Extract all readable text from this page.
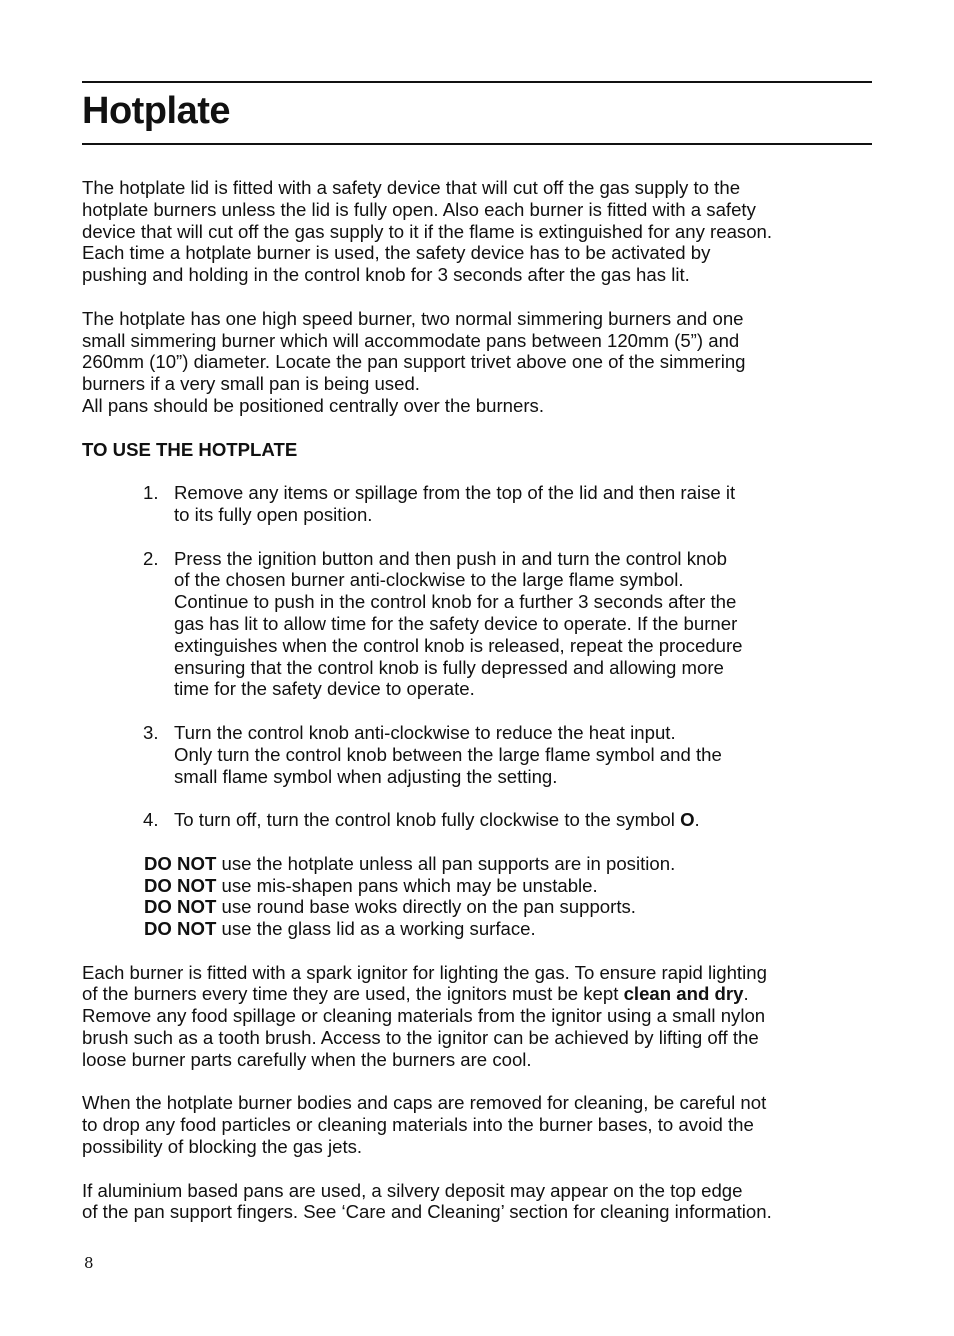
Hotplate

The hotplate lid is fitted with a safety device that will cut off the gas supply to the
hotplate burners unless the lid is fully open. Also each burner is fitted with a safety
device that will cut off the gas supply to it if the flame is extinguished for any reason.
Each time a hotplate burner is used, the safety device has to be activated by
pushing and holding in the control knob for 3 seconds after the gas has lit.

The hotplate has one high speed burner, two normal simmering burners and one
small simmering burner which will accommodate pans between 120mm (5”) and
260mm (10”) diameter. Locate the pan support trivet above one of the simmering
burners if a very small pan is being used.
All pans should be positioned centrally over the burners.

TO USE THE HOTPLATE
1. Remove any items or spillage from the top of the lid and then raise it
to its fully open position.
2. Press the ignition button and then push in and turn the control knob
of the chosen burner anti-clockwise to the large flame symbol.
Continue to push in the control knob for a further 3 seconds after the
gas has lit to allow time for the safety device to operate. If the burner
extinguishes when the control knob is released, repeat the procedure
ensuring that the control knob is fully depressed and allowing more
time for the safety device to operate.
3. Turn the control knob anti-clockwise to reduce the heat input.
Only turn the control knob between the large flame symbol and the
small flame symbol when adjusting the setting.
4. To turn off, turn the control knob fully clockwise to the symbol O.
DO NOT use the hotplate unless all pan supports are in position.
DO NOT use mis-shapen pans which may be unstable.
DO NOT use round base woks directly on the pan supports.
DO NOT use the glass lid as a working surface.

Each burner is fitted with a spark ignitor for lighting the gas. To ensure rapid lighting
of the burners every time they are used, the ignitors must be kept clean and dry.
Remove any food spillage or cleaning materials from the ignitor using a small nylon
brush such as a tooth brush. Access to the ignitor can be achieved by lifting off the
loose burner parts carefully when the burners are cool.

When the hotplate burner bodies and caps are removed for cleaning, be careful not
to drop any food particles or cleaning materials into the burner bases, to avoid the
possibility of blocking the gas jets.

If aluminium based pans are used, a silvery deposit may appear on the top edge
of the pan support fingers. See ‘Care and Cleaning’ section for cleaning information.

8
